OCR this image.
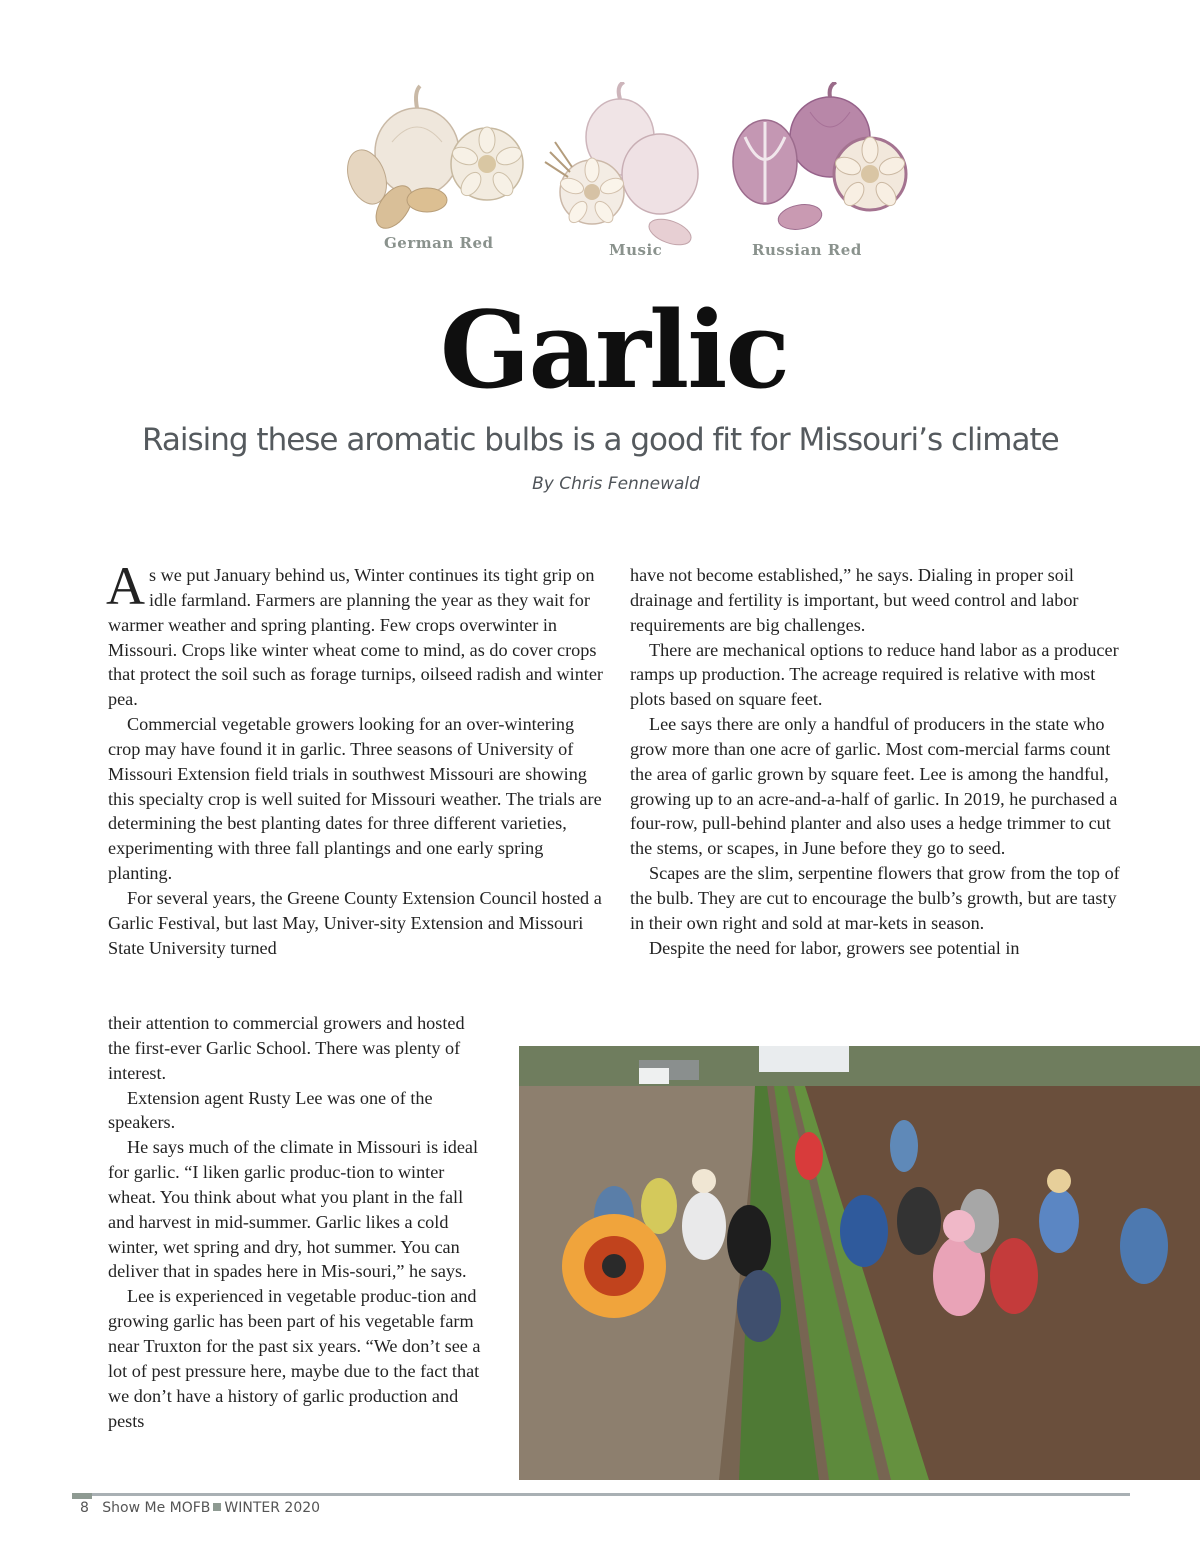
German Red	Music	Russian Red
Garlic
Raising these aromatic bulbs is a good fit for Missouri’s climate
By Chris Fennewald

As we put January behind us, Winter continues its tight grip on idle farmland. Farmers are planning the year as they wait for warmer weather and spring planting. Few crops overwinter in Missouri. Crops like winter wheat come to mind, as do cover crops that protect the soil such as forage turnips, oilseed radish and winter pea.

Commercial vegetable growers looking for an over-wintering crop may have found it in garlic. Three seasons of University of Missouri Extension field trials in southwest Missouri are showing this specialty crop is well suited for Missouri weather. The trials are determining the best planting dates for three different varieties, experimenting with three fall plantings and one early spring planting.

For several years, the Greene County Extension Council hosted a Garlic Festival, but last May, Univer-sity Extension and Missouri State University turned

their attention to commercial growers and hosted the first-ever Garlic School. There was plenty of interest.

Extension agent Rusty Lee was one of the speakers.

He says much of the climate in Missouri is ideal for garlic. “I liken garlic produc-tion to winter wheat. You think about what you plant in the fall and harvest in mid-summer. Garlic likes a cold winter, wet spring and dry, hot summer. You can deliver that in spades here in Mis-souri,” he says.

Lee is experienced in vegetable produc-tion and growing garlic has been part of his vegetable farm near Truxton for the past six years. “We don’t see a lot of pest pressure here, maybe due to the fact that we don’t have a history of garlic production and pests

have not become established,” he says. Dialing in proper soil drainage and fertility is important, but weed control and labor requirements are big challenges.

There are mechanical options to reduce hand labor as a producer ramps up production. The acreage required is relative with most plots based on square feet.

Lee says there are only a handful of producers in the state who grow more than one acre of garlic. Most com-mercial farms count the area of garlic grown by square feet. Lee is among the handful, growing up to an acre-and-a-half of garlic. In 2019, he purchased a four-row, pull-behind planter and also uses a hedge trimmer to cut the stems, or scapes, in June before they go to seed.

Scapes are the slim, serpentine flowers that grow from the top of the bulb. They are cut to encourage the bulb’s growth, but are tasty in their own right and sold at mar-kets in season.

Despite the need for labor, growers see potential in

8 Show Me MOFB WINTER 2020
